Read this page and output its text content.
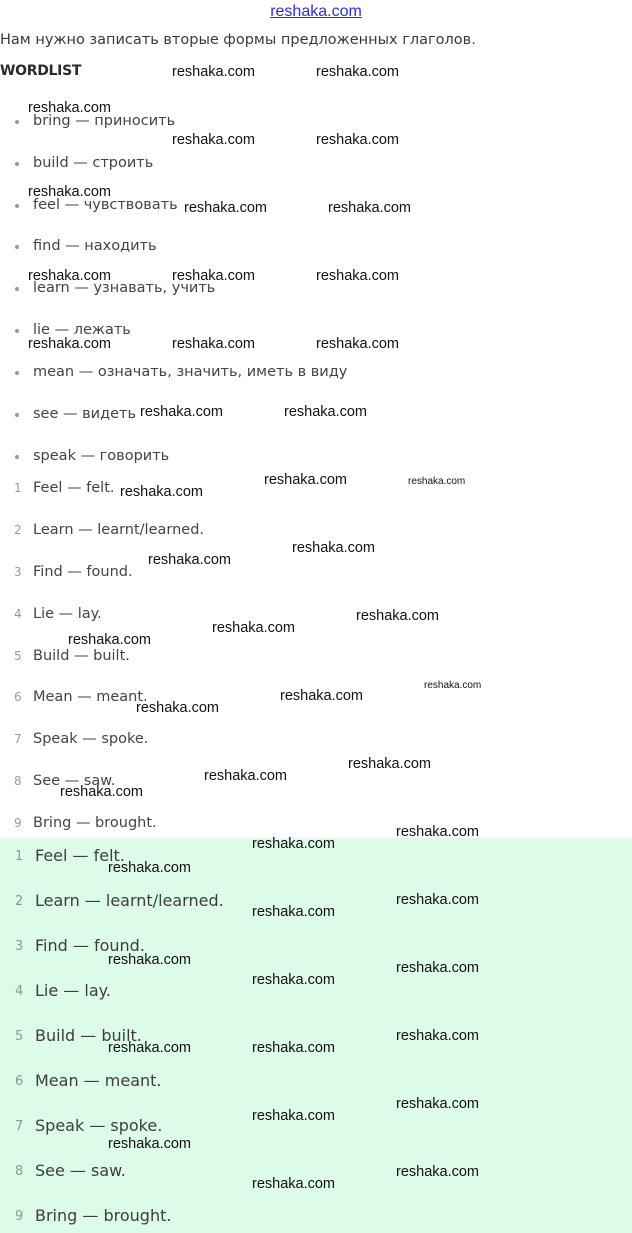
reshaka.com
Нам нужно записать вторые формы предложенных глаголов.
WORDLIST
bring — приносить
build — строить
feel — чувствовать
find — находить
learn — узнавать, учить
lie — лежать
mean — означать, значить, иметь в виду
see — видеть
speak — говорить
1 Feel — felt.
2 Learn — learnt/learned.
3 Find — found.
4 Lie — lay.
5 Build — built.
6 Mean — meant.
7 Speak — spoke.
8 See — saw.
9 Bring — brought.
1 Feel — felt.
2 Learn — learnt/learned.
3 Find — found.
4 Lie — lay.
5 Build — built.
6 Mean — meant.
7 Speak — spoke.
8 See — saw.
9 Bring — brought.
reshaka.com	reshaka.com
reshaka.com
reshaka.com	reshaka.com
reshaka.com
reshaka.com	reshaka.com
reshaka.com	reshaka.com	reshaka.com
reshaka.com	reshaka.com	reshaka.com
reshaka.com	reshaka.com
reshaka.com	reshaka.com
reshaka.com
reshaka.com
reshaka.com
reshaka.com
reshaka.com
reshaka.com
reshaka.com
reshaka.com
reshaka.com
reshaka.com
reshaka.com
reshaka.com
reshaka.com
reshaka.com
reshaka.com
reshaka.com
reshaka.com
reshaka.com	reshaka.com
reshaka.com
reshaka.com
reshaka.com	reshaka.com
reshaka.com
reshaka.com
reshaka.com
reshaka.com
reshaka.com
